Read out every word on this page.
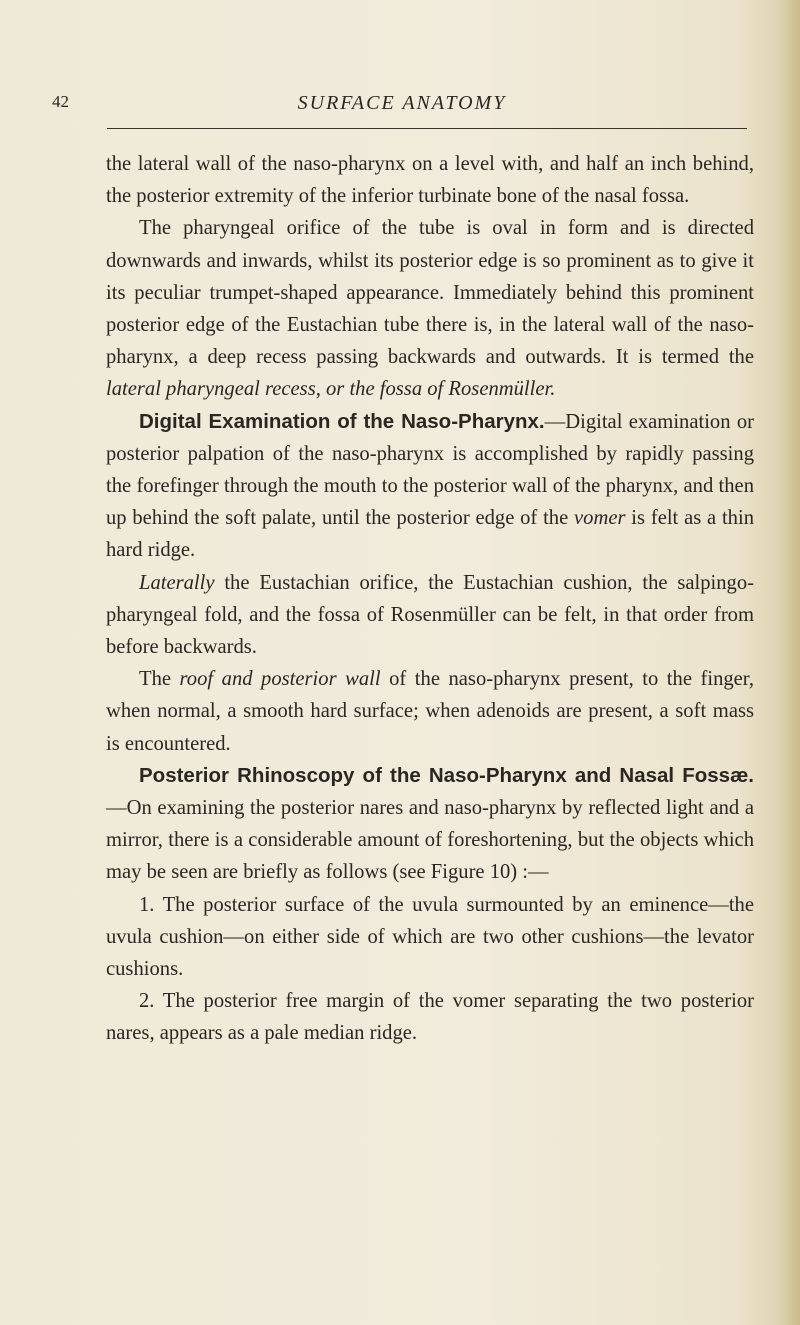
42	SURFACE ANATOMY

the lateral wall of the naso-pharynx on a level with, and half an inch behind, the posterior extremity of the inferior turbinate bone of the nasal fossa.

The pharyngeal orifice of the tube is oval in form and is directed downwards and inwards, whilst its posterior edge is so prominent as to give it its peculiar trumpet-shaped appearance. Immediately behind this prominent posterior edge of the Eustachian tube there is, in the lateral wall of the naso-pharynx, a deep recess passing backwards and outwards. It is termed the lateral pharyngeal recess, or the fossa of Rosenmüller.

Digital Examination of the Naso-Pharynx.—Digital examination or posterior palpation of the naso-pharynx is accomplished by rapidly passing the forefinger through the mouth to the posterior wall of the pharynx, and then up behind the soft palate, until the posterior edge of the vomer is felt as a thin hard ridge.

Laterally the Eustachian orifice, the Eustachian cushion, the salpingo-pharyngeal fold, and the fossa of Rosenmüller can be felt, in that order from before backwards.

The roof and posterior wall of the naso-pharynx present, to the finger, when normal, a smooth hard surface; when adenoids are present, a soft mass is encountered.

Posterior Rhinoscopy of the Naso-Pharynx and Nasal Fossæ.—On examining the posterior nares and naso-pharynx by reflected light and a mirror, there is a considerable amount of foreshortening, but the objects which may be seen are briefly as follows (see Figure 10) :—

1. The posterior surface of the uvula surmounted by an eminence—the uvula cushion—on either side of which are two other cushions—the levator cushions.

2. The posterior free margin of the vomer separating the two posterior nares, appears as a pale median ridge.
